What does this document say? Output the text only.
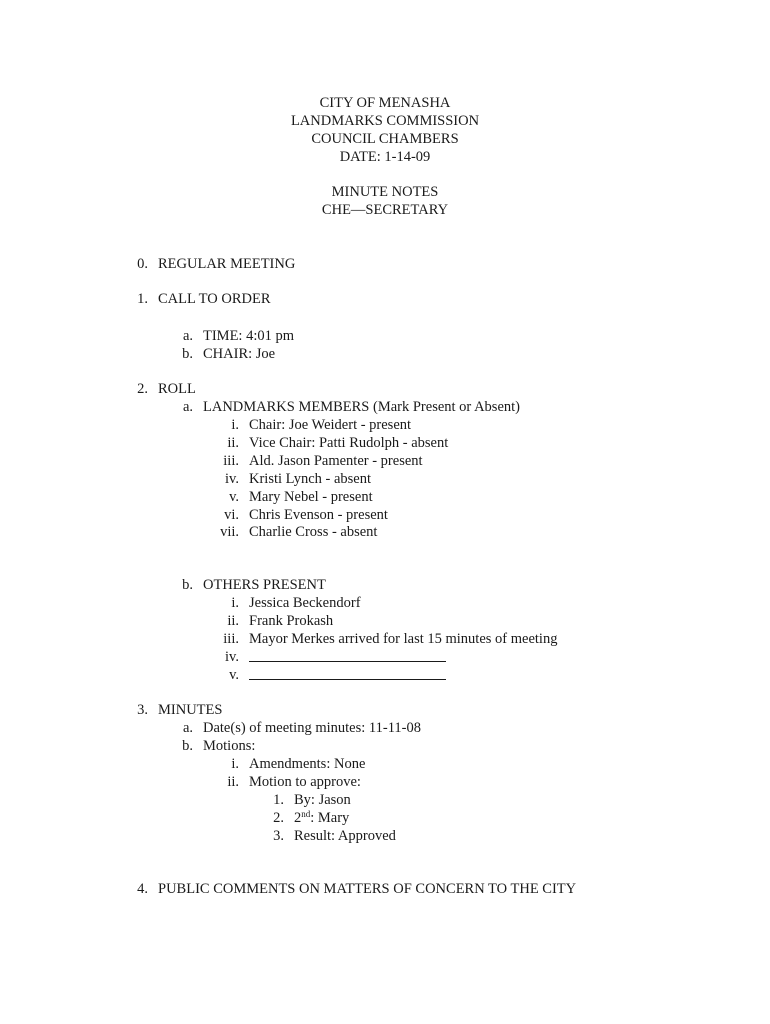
CITY OF MENASHA
LANDMARKS COMMISSION
COUNCIL CHAMBERS
DATE: 1-14-09
MINUTE NOTES
CHE—SECRETARY
0. REGULAR MEETING
1. CALL TO ORDER
a. TIME: 4:01 pm
b. CHAIR: Joe
2. ROLL
a. LANDMARKS MEMBERS (Mark Present or Absent)
i. Chair: Joe Weidert - present
ii. Vice Chair: Patti Rudolph - absent
iii. Ald. Jason Pamenter - present
iv. Kristi Lynch - absent
v. Mary Nebel - present
vi. Chris Evenson - present
vii. Charlie Cross - absent
b. OTHERS PRESENT
i. Jessica Beckendorf
ii. Frank Prokash
iii. Mayor Merkes arrived for last 15 minutes of meeting
iv.
v.
3. MINUTES
a. Date(s) of meeting minutes: 11-11-08
b. Motions:
i. Amendments: None
ii. Motion to approve:
1. By: Jason
2. 2nd: Mary
3. Result: Approved
4. PUBLIC COMMENTS ON MATTERS OF CONCERN TO THE CITY
